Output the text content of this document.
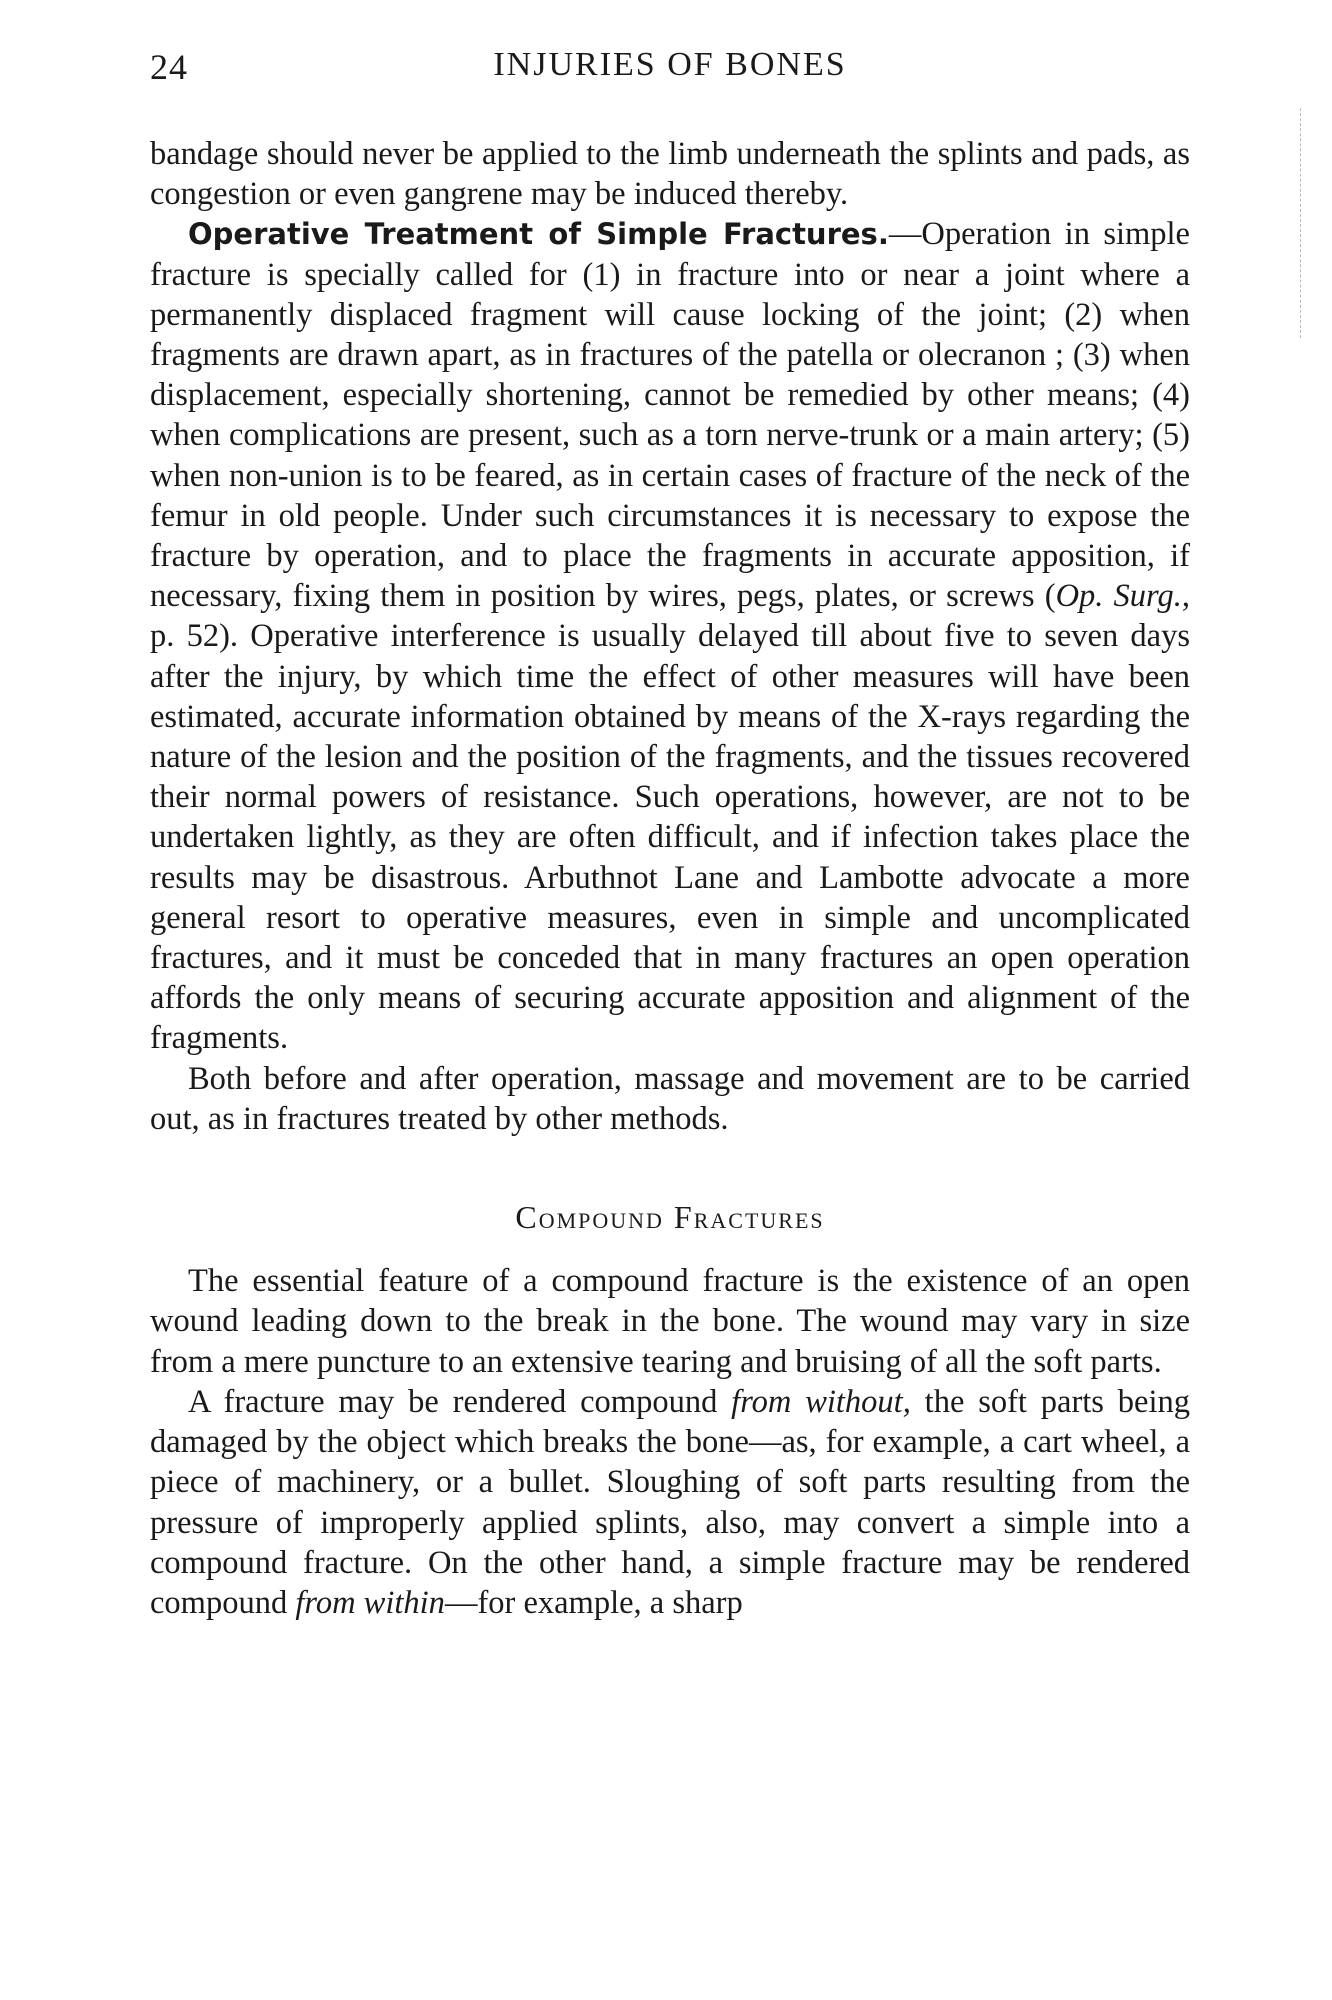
24	INJURIES OF BONES

bandage should never be applied to the limb underneath the splints and pads, as congestion or even gangrene may be induced thereby.

Operative Treatment of Simple Fractures.—Operation in simple fracture is specially called for (1) in fracture into or near a joint where a permanently displaced fragment will cause locking of the joint; (2) when fragments are drawn apart, as in fractures of the patella or olecranon ; (3) when displacement, especially shortening, cannot be remedied by other means; (4) when complications are present, such as a torn nerve-trunk or a main artery; (5) when non-union is to be feared, as in certain cases of fracture of the neck of the femur in old people. Under such circumstances it is necessary to expose the fracture by operation, and to place the fragments in accurate apposition, if necessary, fixing them in position by wires, pegs, plates, or screws (Op. Surg., p. 52). Operative interference is usually delayed till about five to seven days after the injury, by which time the effect of other measures will have been estimated, accurate information obtained by means of the X-rays regarding the nature of the lesion and the position of the fragments, and the tissues recovered their normal powers of resistance. Such operations, however, are not to be undertaken lightly, as they are often difficult, and if infection takes place the results may be disastrous. Arbuthnot Lane and Lambotte advocate a more general resort to operative measures, even in simple and uncomplicated fractures, and it must be conceded that in many fractures an open operation affords the only means of securing accurate apposition and alignment of the fragments.

Both before and after operation, massage and movement are to be carried out, as in fractures treated by other methods.

Compound Fractures

The essential feature of a compound fracture is the existence of an open wound leading down to the break in the bone. The wound may vary in size from a mere puncture to an extensive tearing and bruising of all the soft parts.

A fracture may be rendered compound from without, the soft parts being damaged by the object which breaks the bone—as, for example, a cart wheel, a piece of machinery, or a bullet. Sloughing of soft parts resulting from the pressure of improperly applied splints, also, may convert a simple into a compound fracture. On the other hand, a simple fracture may be rendered compound from within—for example, a sharp
